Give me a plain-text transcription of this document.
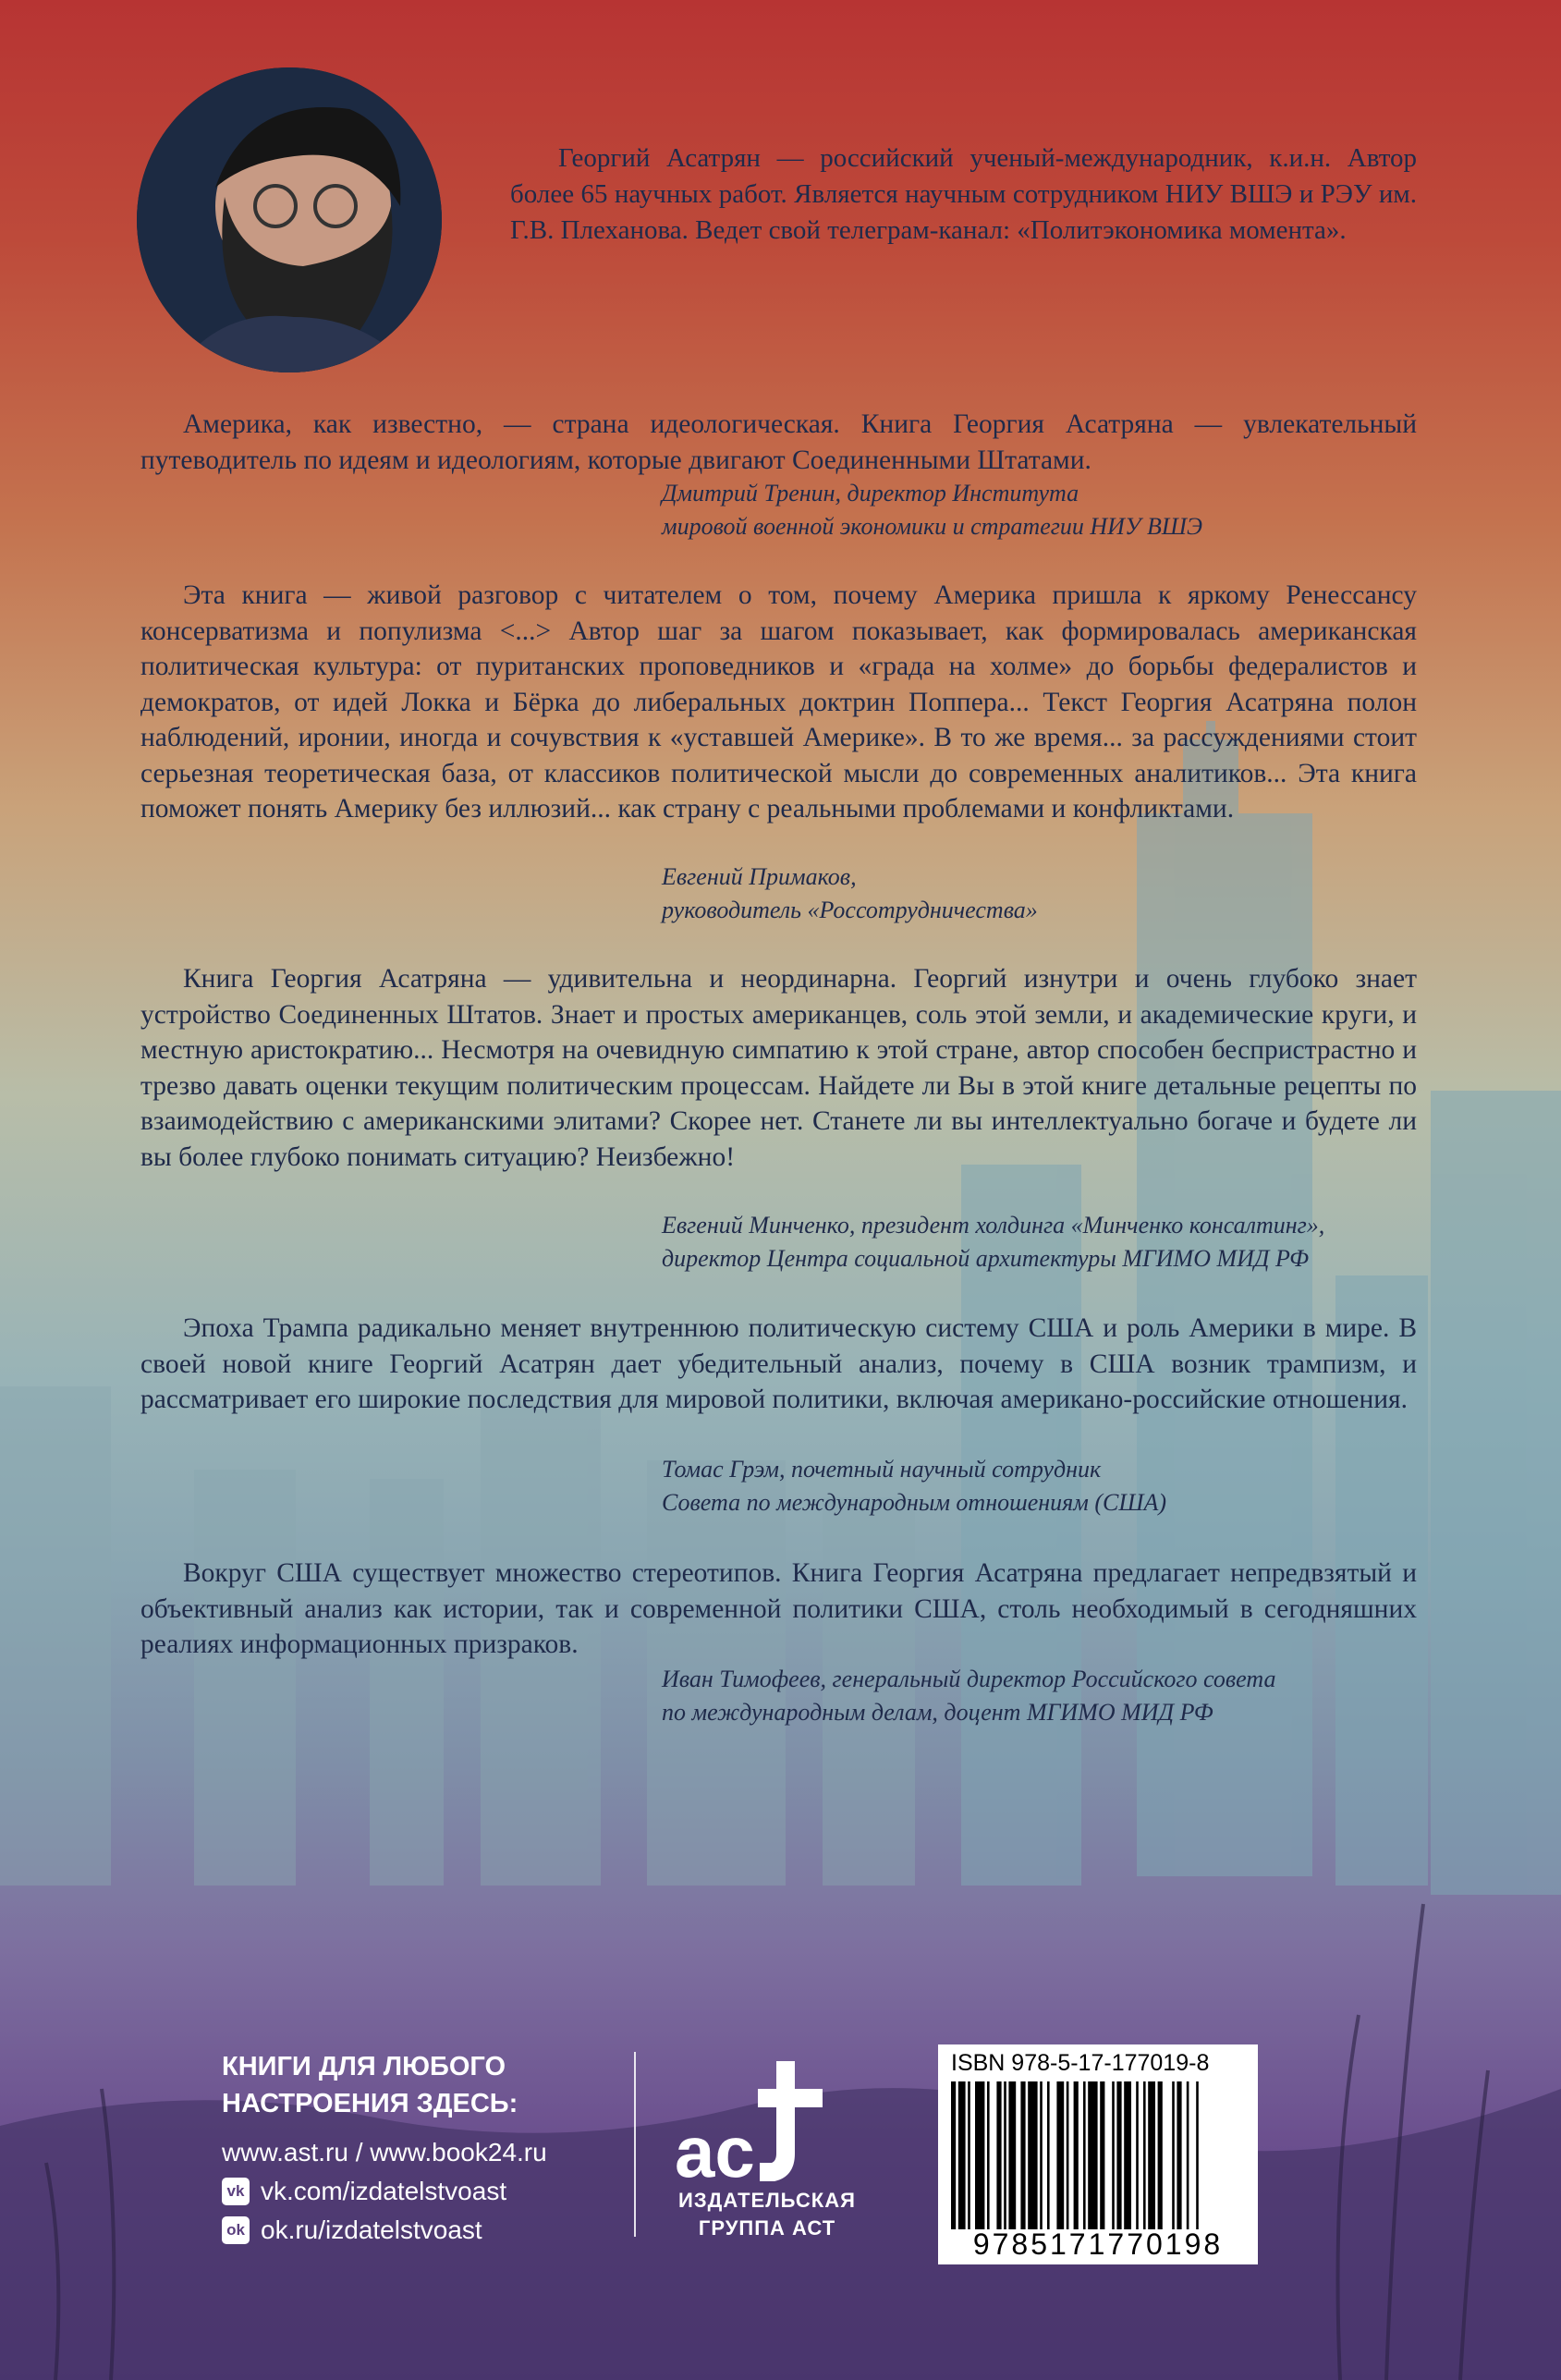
Георгий Асатрян — российский ученый-международник, к.и.н. Автор более 65 научных работ. Является научным сотрудником НИУ ВШЭ и РЭУ им. Г.В. Плеханова. Ведет свой телеграм-канал: «Политэкономика момента».
Америка, как известно, — страна идеологическая. Книга Георгия Асатряна — увлекательный путеводитель по идеям и идеологиям, которые двигают Соединенными Штатами.
Дмитрий Тренин, директор Института
мировой военной экономики и стратегии НИУ ВШЭ
Эта книга — живой разговор с читателем о том, почему Америка пришла к яркому Ренессансу консерватизма и популизма <...> Автор шаг за шагом показывает, как формировалась американская политическая культура: от пуританских проповедников и «града на холме» до борьбы федералистов и демократов, от идей Локка и Бёрка до либеральных доктрин Поппера... Текст Георгия Асатряна полон наблюдений, иронии, иногда и сочувствия к «уставшей Америке». В то же время... за рассуждениями стоит серьезная теоретическая база, от классиков политической мысли до современных аналитиков... Эта книга поможет понять Америку без иллюзий... как страну с реальными проблемами и конфликтами.
Евгений Примаков,
руководитель «Россотрудничества»
Книга Георгия Асатряна — удивительна и неординарна. Георгий изнутри и очень глубоко знает устройство Соединенных Штатов. Знает и простых американцев, соль этой земли, и академические круги, и местную аристократию... Несмотря на очевидную симпатию к этой стране, автор способен беспристрастно и трезво давать оценки текущим политическим процессам. Найдете ли Вы в этой книге детальные рецепты по взаимодействию с американскими элитами? Скорее нет. Станете ли вы интеллектуально богаче и будете ли вы более глубоко понимать ситуацию? Неизбежно!
Евгений Минченко, президент холдинга «Минченко консалтинг»,
директор Центра социальной архитектуры МГИМО МИД РФ
Эпоха Трампа радикально меняет внутреннюю политическую систему США и роль Америки в мире. В своей новой книге Георгий Асатрян дает убедительный анализ, почему в США возник трампизм, и рассматривает его широкие последствия для мировой политики, включая американо-российские отношения.
Томас Грэм, почетный научный сотрудник
Совета по международным отношениям (США)
Вокруг США существует множество стереотипов. Книга Георгия Асатряна предлагает непредвзятый и объективный анализ как истории, так и современной политики США, столь необходимый в сегодняшних реалиях информационных призраков.
Иван Тимофеев, генеральный директор Российского совета
по международным делам, доцент МГИМО МИД РФ
КНИГИ ДЛЯ ЛЮБОГО
НАСТРОЕНИЯ ЗДЕСЬ:
www.ast.ru / www.book24.ru
vk vk.com/izdatelstvoast
ok ok.ru/izdatelstvoast
ac
ИЗДАТЕЛЬСКАЯ
ГРУППА АСТ
ISBN 978-5-17-177019-8
9785171770198
